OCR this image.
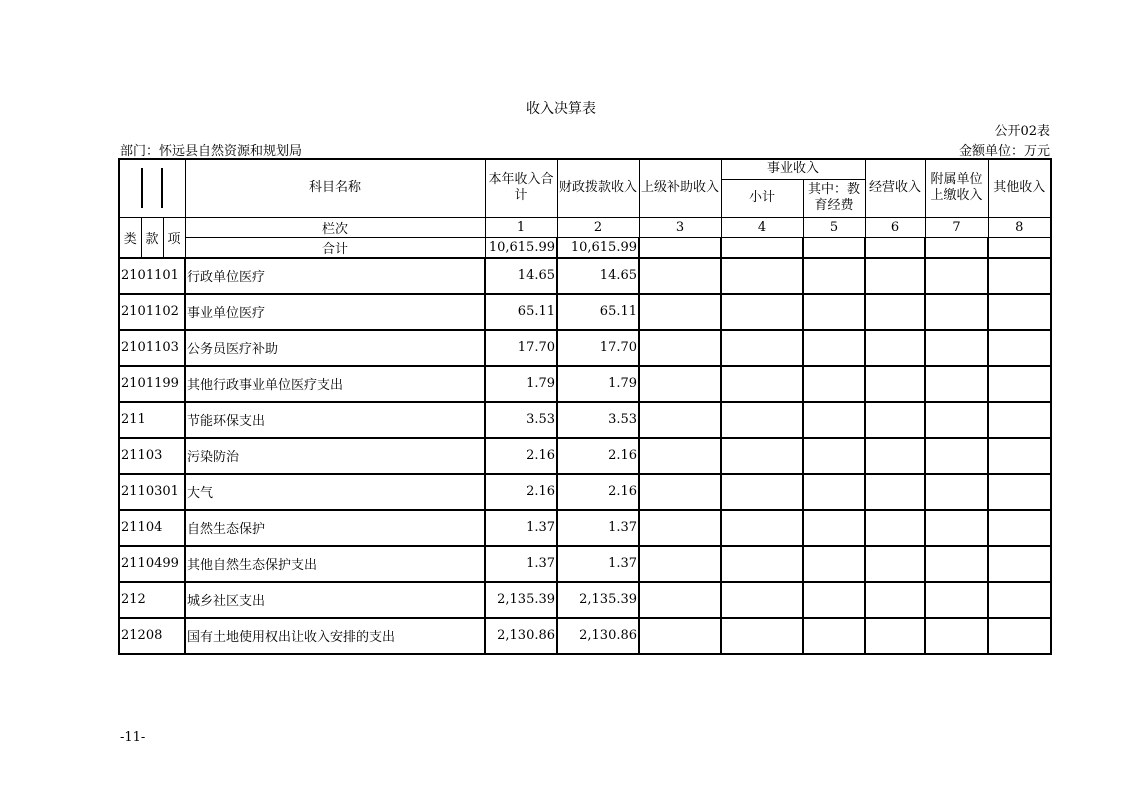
收入决算表
公开02表
部门：怀远县自然资源和规划局	金额单位：万元
			科目名称	本年收入合计	财政拨款收入	上级补助收入	事业收入		经营收入	附属单位上缴收入	其他收入
							小计	其中：教育经费			
类	款	项	栏次	1	2	3	4	5	6	7	8
			合计	10,615.99	10,615.99						
2101101			行政单位医疗	14.65	14.65						
2101102			事业单位医疗	65.11	65.11						
2101103			公务员医疗补助	17.70	17.70						
2101199			其他行政事业单位医疗支出	1.79	1.79						
211			节能环保支出	3.53	3.53						
21103			污染防治	2.16	2.16						
2110301			大气	2.16	2.16						
21104			自然生态保护	1.37	1.37						
2110499			其他自然生态保护支出	1.37	1.37						
212			城乡社区支出	2,135.39	2,135.39						
21208			国有土地使用权出让收入安排的支出	2,130.86	2,130.86						
-11-
